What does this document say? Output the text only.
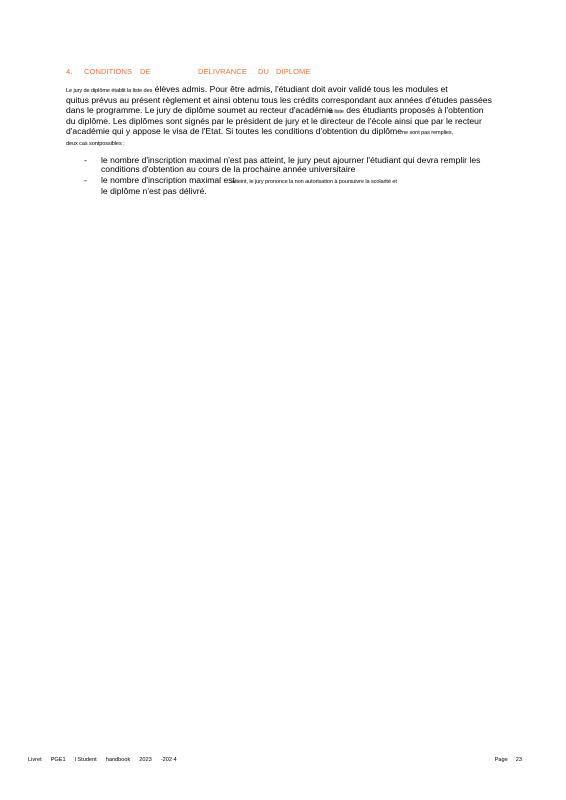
4. CONDITIONS DE	DELIVRANCE DU DIPLOME
Le jury de diplôme établit la liste des élèves admis. Pour être admis, l'étudiant doit avoir validé tous les modules et
quitus prévus au présent règlement et ainsi obtenu tous les crédits correspondant aux années d'études passées
dans le programme. Le jury de diplôme soumet au recteur d'académiela liste des étudiants proposés à l'obtention
du diplôme. Les diplômes sont signés par le président de jury et le directeur de l'école ainsi que par le recteur
d'académie qui y appose le visa de l'Etat. Si toutes les conditions d'obtention du diplômene sont pas remplies,
deux cas sontpossibles :
- le nombre d'inscription maximal n'est pas atteint, le jury peut ajourner l'étudiant qui devra remplir les
conditions d'obtention au cours de la prochaine année universitaire
- le nombre d'inscription maximal estatteint, le jury prononce la non autorisation à poursuivre la scolarité et
le diplôme n'est pas délivré.
Livret PGE1 l Student handbook 2023 -202 4	Page 23
